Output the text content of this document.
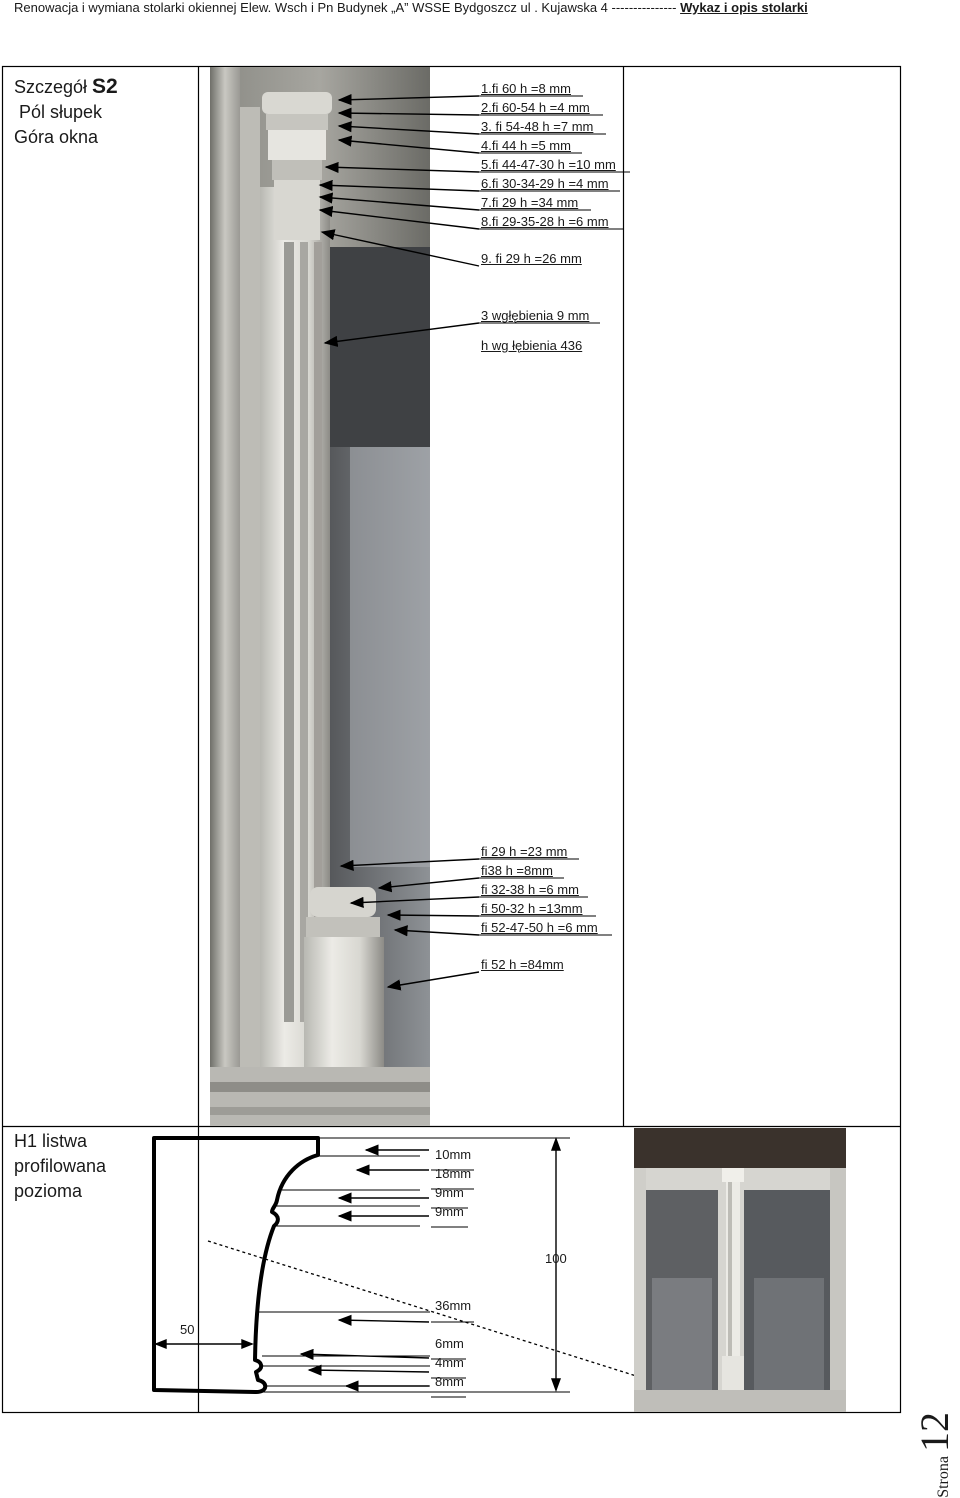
Renowacja i wymiana stolarki okiennej Elew. Wsch i Pn Budynek „A” WSSE Bydgoszcz ul . Kujawska 4 --------------- Wykaz i opis stolarki
Szczegół S2
Pól słupek
Góra okna
1.fi 60 h =8 mm
2.fi 60-54 h =4 mm
3. fi 54-48 h =7 mm
4.fi 44 h =5 mm
5.fi 44-47-30 h =10 mm
6.fi 30-34-29 h =4 mm
7.fi 29 h =34 mm
8.fi 29-35-28 h =6 mm
9. fi 29 h =26 mm
3 wgłębienia 9 mm
h wg łębienia 436
fi 29 h =23 mm
fi38 h =8mm
fi 32-38 h =6 mm
fi 50-32 h =13mm
fi 52-47-50 h =6 mm
fi 52 h =84mm
H1 listwa
profilowana
pozioma
10mm
18mm
9mm
9mm
100
36mm
50
6mm
4mm
8mm
Strona 12
